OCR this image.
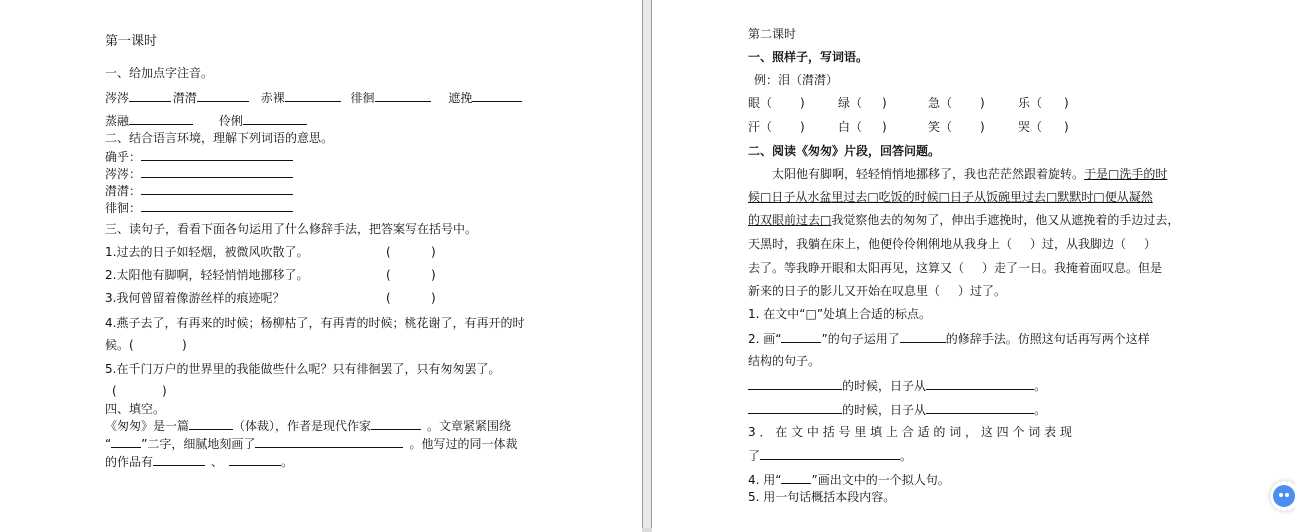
第一课时
一、给加点字注音。
涔涔	潸潸	赤裸	徘徊	遮挽
蒸融	伶俐
二、结合语言环境，理解下列词语的意思。
确乎：
涔涔：
潸潸：
徘徊：
三、读句子，看看下面各句运用了什么修辞手法，把答案写在括号中。
1.过去的日子如轻烟，被微风吹散了。	(	)
2.太阳他有脚啊，轻轻悄悄地挪移了。	(	)
3.我何曾留着像游丝样的痕迹呢？	(	)
4.燕子去了，有再来的时候；杨柳枯了，有再青的时候；桃花谢了，有再开的时
候。(	)
5.在千门万户的世界里的我能做些什么呢？只有徘徊罢了，只有匆匆罢了。
(	)
四、填空。
《匆匆》是一篇	（体裁），作者是现代作家	。文章紧紧围绕
“	”二字，细腻地刻画了	。他写过的同一体裁
的作品有	、	。
第二课时
一、照样子，写词语。
例：泪（潸潸）
眼（ )	绿（ )	急（ )	乐（ )
汗（ )	白（ )	笑（ )	哭（ )
二、阅读《匆匆》片段，回答问题。
太阳他有脚啊，轻轻悄悄地挪移了，我也茫茫然跟着旋转。于是□洗手的时
候□日子从水盆里过去□吃饭的时候□日子从饭碗里过去□默默时□便从凝然
的双眼前过去□我觉察他去的匆匆了，伸出手遮挽时，他又从遮挽着的手边过去，
天黑时，我躺在床上，他便伶伶俐俐地从我身上（ ）过，从我脚边（ ）
去了。等我睁开眼和太阳再见，这算又（ ）走了一日。我掩着面叹息。但是
新来的日子的影儿又开始在叹息里（ ）过了。
1. 在文中“□”处填上合适的标点。
2. 画“	”的句子运用了	的修辞手法。仿照这句话再写两个这样
结构的句子。
的时候，日子从	。
的时候，日子从	。
3 ． 在 文 中 括 号 里 填 上 合 适 的 词 ， 这 四 个 词 表 现
了	。
4. 用“	”画出文中的一个拟人句。
5. 用一句话概括本段内容。
